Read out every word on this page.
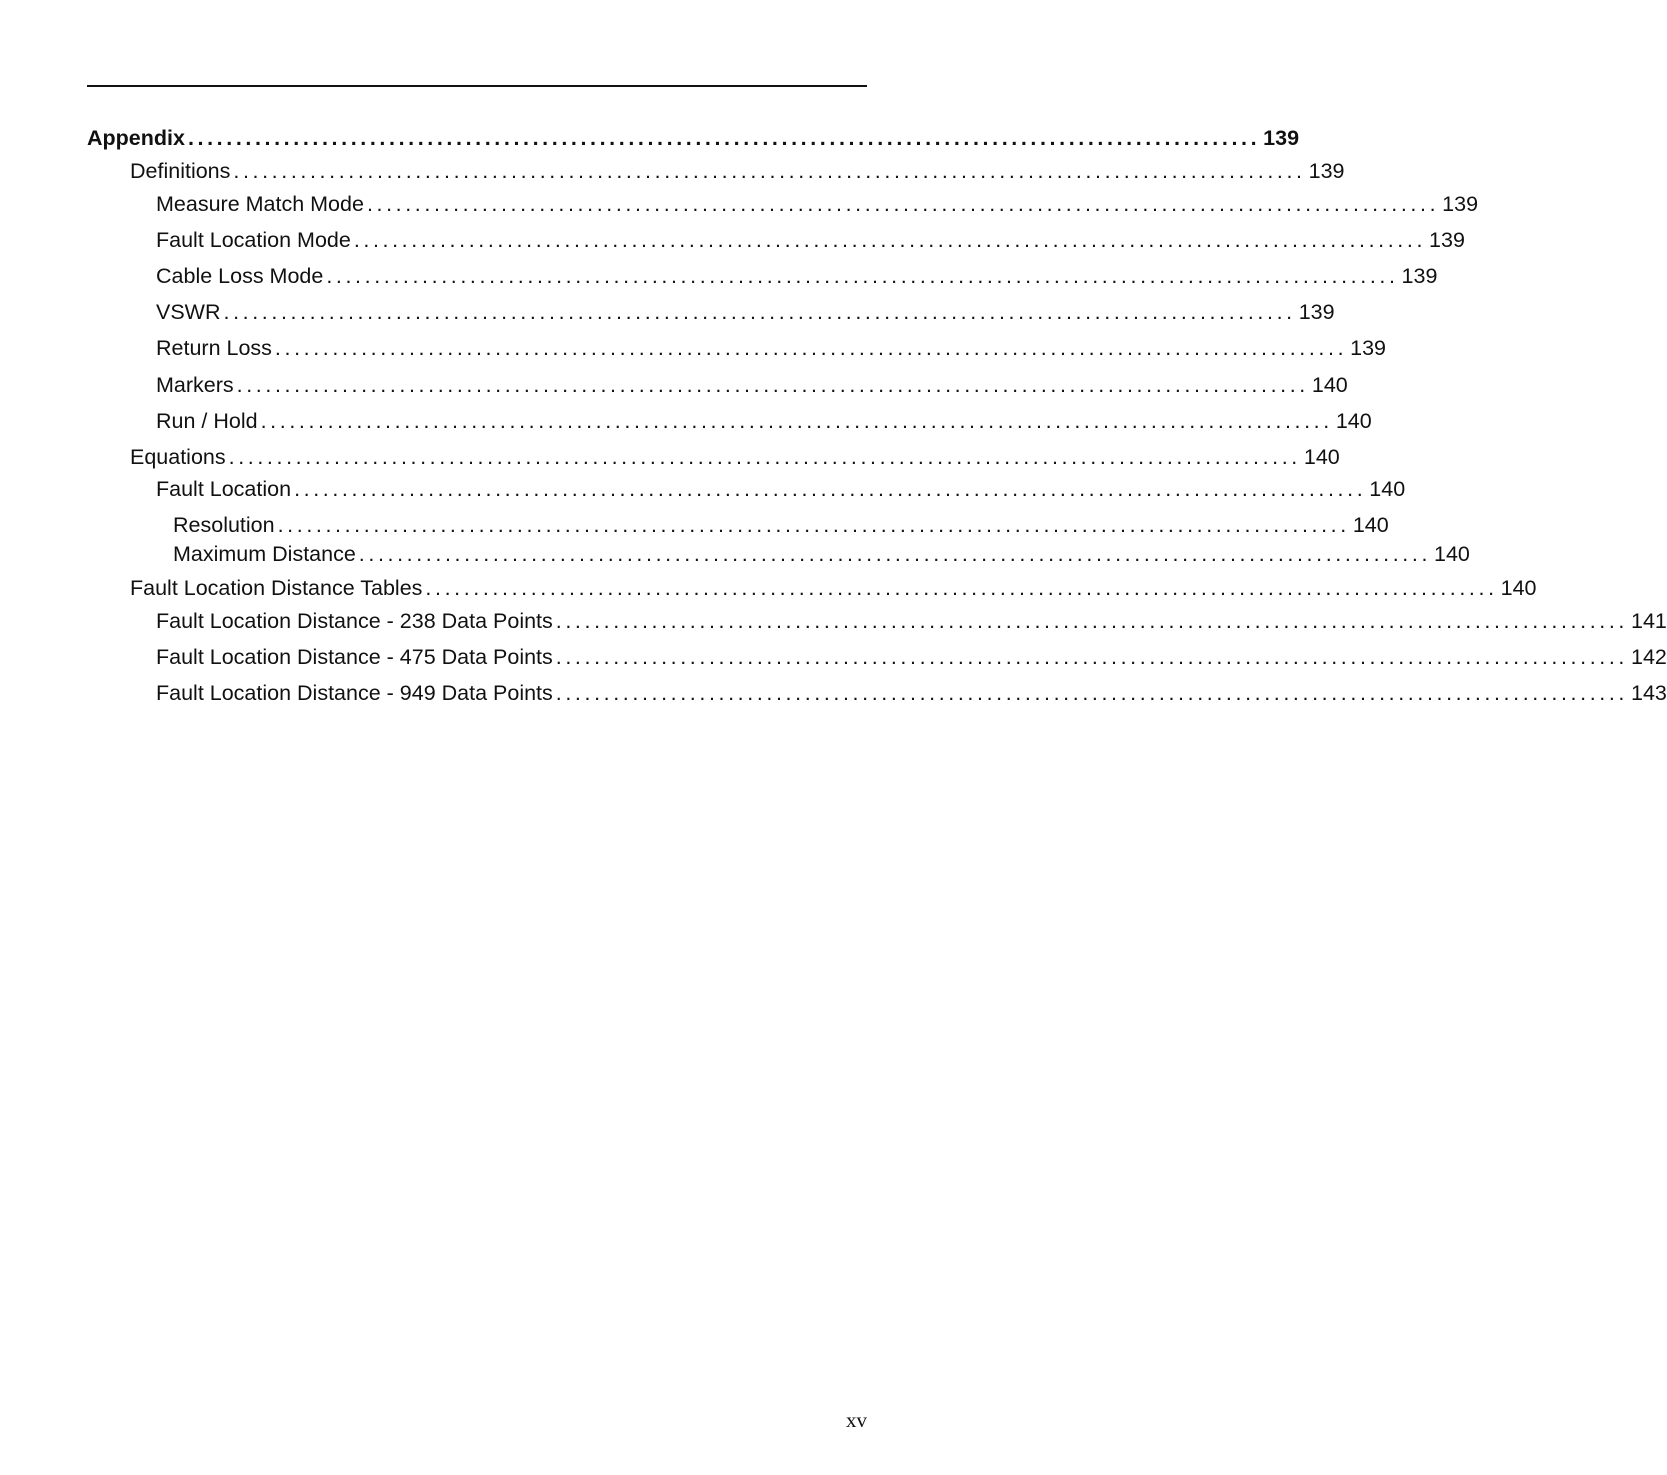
Appendix ................................................................................................................ 139
Definitions ................................................................................................................ 139
Measure Match Mode ................................................................................................................ 139
Fault Location Mode ................................................................................................................ 139
Cable Loss Mode ................................................................................................................ 139
VSWR ................................................................................................................ 139
Return Loss ................................................................................................................ 139
Markers ................................................................................................................ 140
Run / Hold ................................................................................................................ 140
Equations ................................................................................................................ 140
Fault Location ................................................................................................................ 140
Resolution ................................................................................................................ 140
Maximum Distance ................................................................................................................ 140
Fault Location Distance Tables ................................................................................................................ 140
Fault Location Distance - 238 Data Points ................................................................................................................ 141
Fault Location Distance - 475 Data Points ................................................................................................................ 142
Fault Location Distance - 949 Data Points ................................................................................................................ 143
xv
